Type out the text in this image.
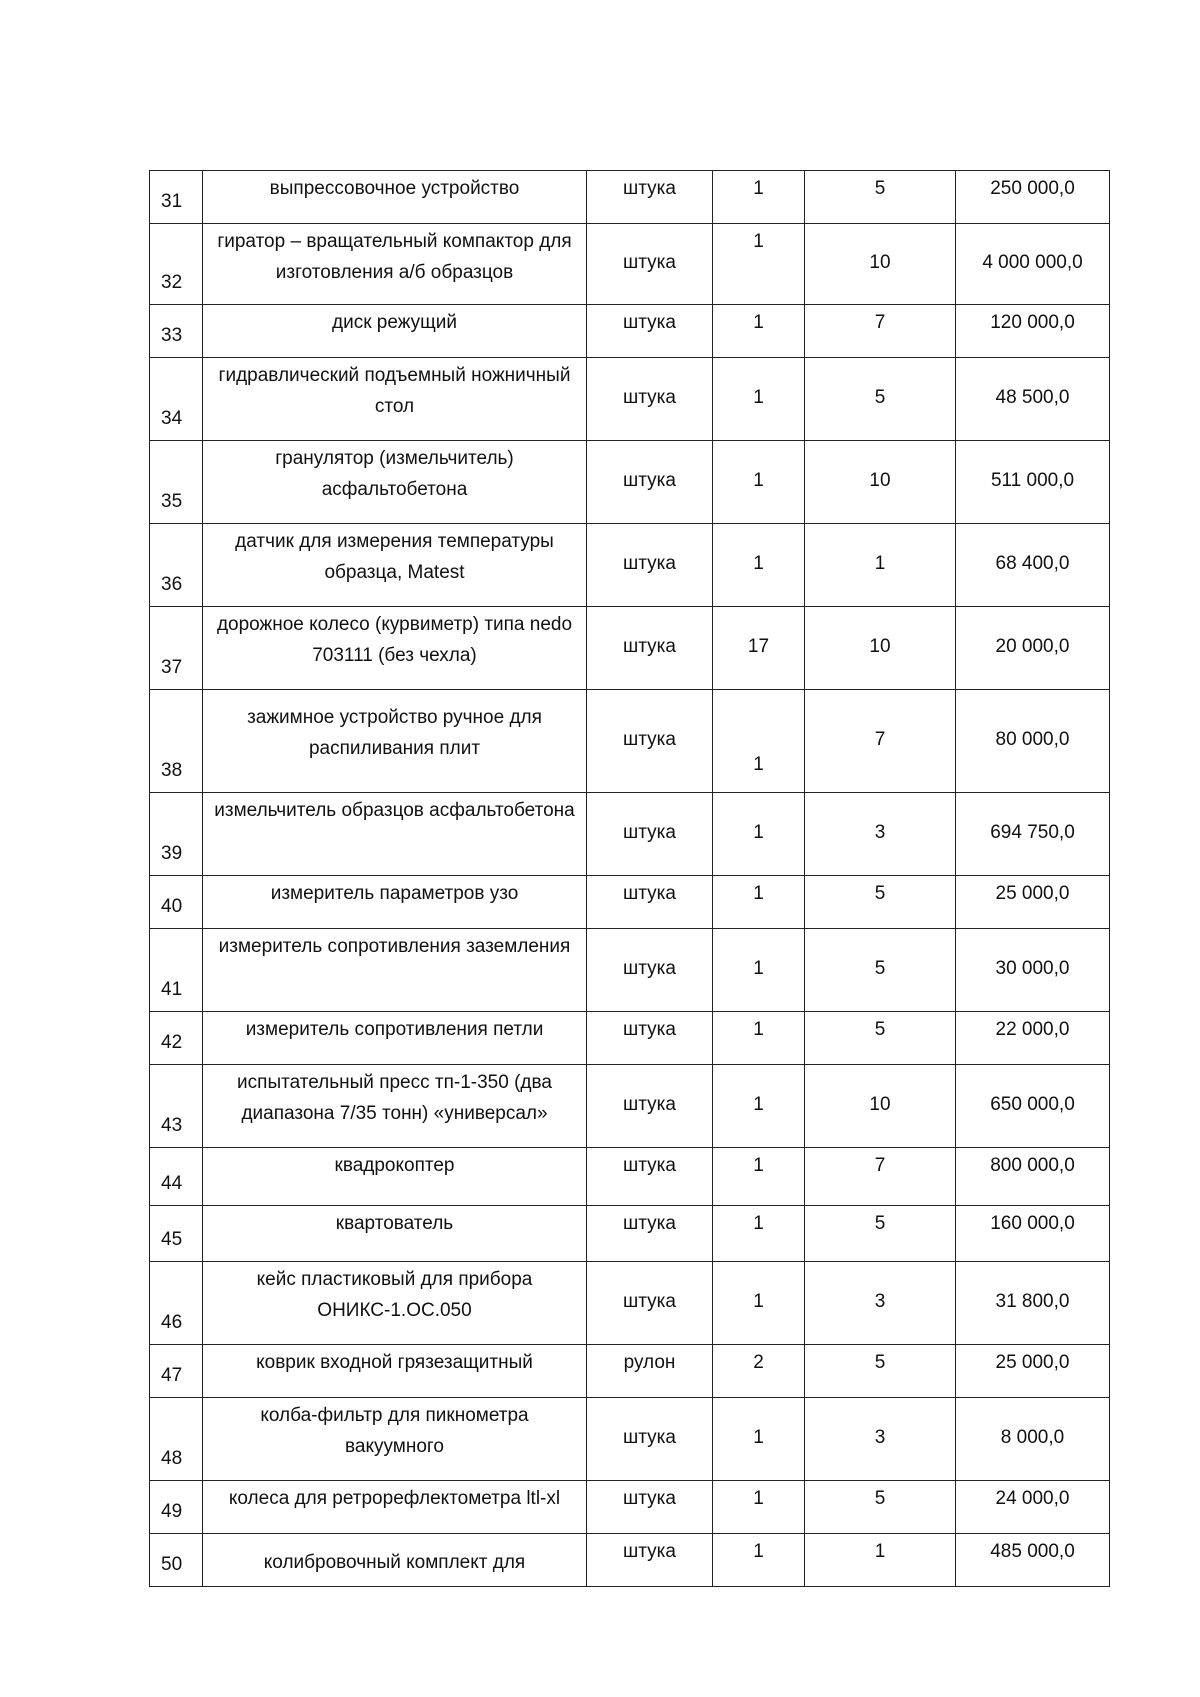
31	выпрессовочное устройство	штука	1	5	250 000,0
32	гиратор – вращательный компактор для изготовления а/б образцов	штука	1	10	4 000 000,0
33	диск режущий	штука	1	7	120 000,0
34	гидравлический подъемный ножничный стол	штука	1	5	48 500,0
35	гранулятор (измельчитель) асфальтобетона	штука	1	10	511 000,0
36	датчик для измерения температуры образца, Matest	штука	1	1	68 400,0
37	дорожное колесо (курвиметр) типа nedo 703111 (без чехла)	штука	17	10	20 000,0
38	зажимное устройство ручное для распиливания плит	штука	1	7	80 000,0
39	измельчитель образцов асфальтобетона	штука	1	3	694 750,0
40	измеритель параметров узо	штука	1	5	25 000,0
41	измеритель сопротивления заземления	штука	1	5	30 000,0
42	измеритель сопротивления петли	штука	1	5	22 000,0
43	испытательный пресс тп-1-350 (два диапазона 7/35 тонн) «универсал»	штука	1	10	650 000,0
44	квадрокоптер	штука	1	7	800 000,0
45	квартователь	штука	1	5	160 000,0
46	кейс пластиковый для прибора ОНИКС-1.ОС.050	штука	1	3	31 800,0
47	коврик входной грязезащитный	рулон	2	5	25 000,0
48	колба-фильтр для пикнометра вакуумного	штука	1	3	8 000,0
49	колеса для ретрорефлектометра ltl-xl	штука	1	5	24 000,0
50	колибровочный комплект для	штука	1	1	485 000,0
